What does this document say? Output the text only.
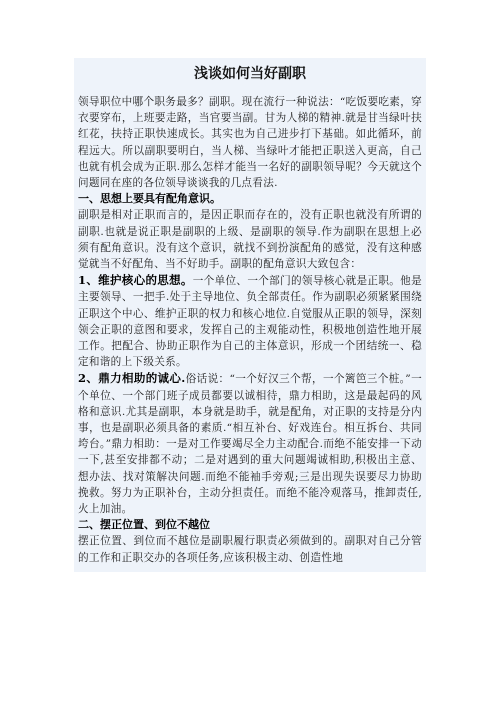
浅谈如何当好副职

领导职位中哪个职务最多？副职。现在流行一种说法：“吃饭要吃素，穿衣要穿布，上班要走路，当官要当副。甘为人梯的精神.就是甘当绿叶扶红花，扶持正职快速成长。其实也为自己进步打下基础。如此循环，前程远大。所以副职要明白，当人梯、当绿叶才能把正职送入更高，自己也就有机会成为正职.那么怎样才能当一名好的副职领导呢？今天就这个问题同在座的各位领导谈谈我的几点看法.

一、思想上要具有配角意识。

副职是相对正职而言的，是因正职而存在的，没有正职也就没有所谓的副职.也就是说正职是副职的上级、是副职的领导.作为副职在思想上必须有配角意识。没有这个意识，就找不到扮演配角的感觉，没有这种感觉就当不好配角、当不好助手。副职的配角意识大致包含：

1、维护核心的思想。一个单位、一个部门的领导核心就是正职。他是主要领导、一把手.处于主导地位、负全部责任。作为副职必须紧紧围绕正职这个中心、维护正职的权力和核心地位.自觉服从正职的领导，深刻领会正职的意图和要求，发挥自己的主观能动性，积极地创造性地开展工作。把配合、协助正职作为自己的主体意识，形成一个团结统一、稳定和谐的上下级关系。

2、鼎力相助的诚心.俗话说：“一个好汉三个帮，一个篱笆三个桩。”一个单位、一个部门班子成员都要以诚相待，鼎力相助，这是最起码的风格和意识.尤其是副职，本身就是助手，就是配角，对正职的支持是分内事，也是副职必须具备的素质.“相互补台、好戏连台。相互拆台、共同垮台。”鼎力相助：一是对工作要竭尽全力主动配合.而绝不能安排一下动一下,甚至安排都不动；二是对遇到的重大问题竭诚相助,积极出主意、想办法、找对策解决问题.而绝不能袖手旁观;三是出现失误要尽力协助挽救。努力为正职补台，主动分担责任。而绝不能冷观落马，推卸责任,火上加油。

二、摆正位置、到位不越位

摆正位置、到位而不越位是副职履行职责必须做到的。副职对自己分管的工作和正职交办的各项任务,应该积极主动、创造性地
